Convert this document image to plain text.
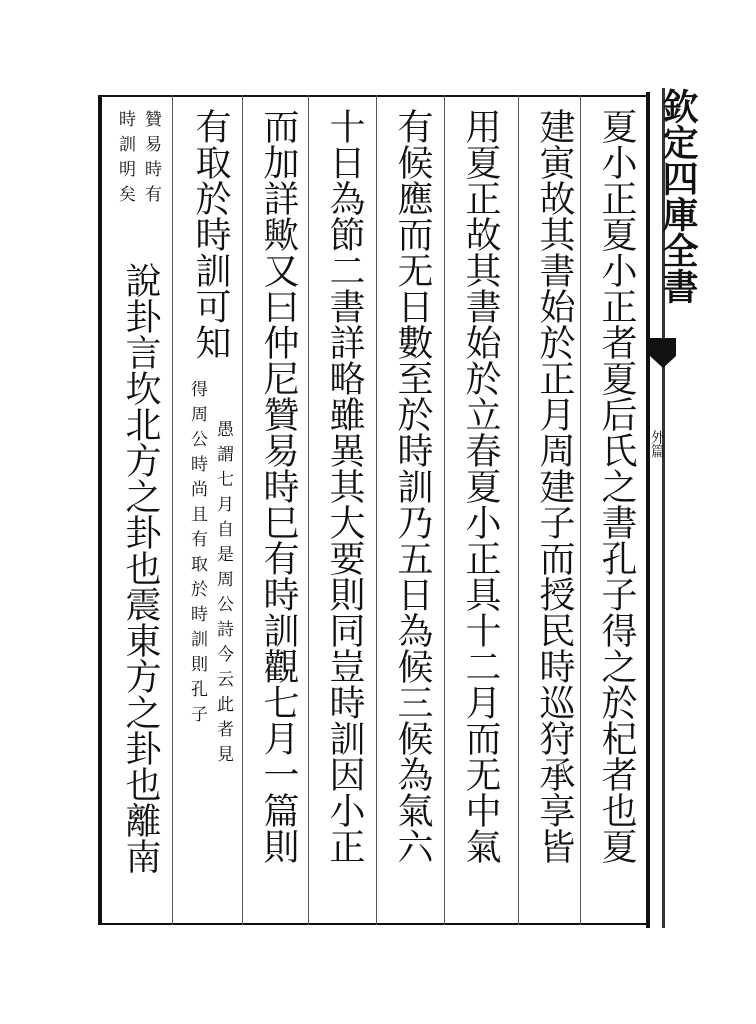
欽定四庫全書
外篇
夏小正夏小正者夏后氏之書孔子得之於杞者也夏
建寅故其書始於正月周建子而授民時巡狩承享皆
用夏正故其書始於立春夏小正具十二月而无中氣
有候應而无日數至於時訓乃五日為候三候為氣六
十日為節二書詳略雖異其大要則同豈時訓因小正
而加詳歟又曰仲尼贊易時巳有時訓觀七月一篇則
有取於時訓可知
愚謂七月自是周公詩今云此者見
得周公時尚且有取於時訓則孔子
贊易時有
時訓明矣
說卦言坎北方之卦也震東方之卦也離南
